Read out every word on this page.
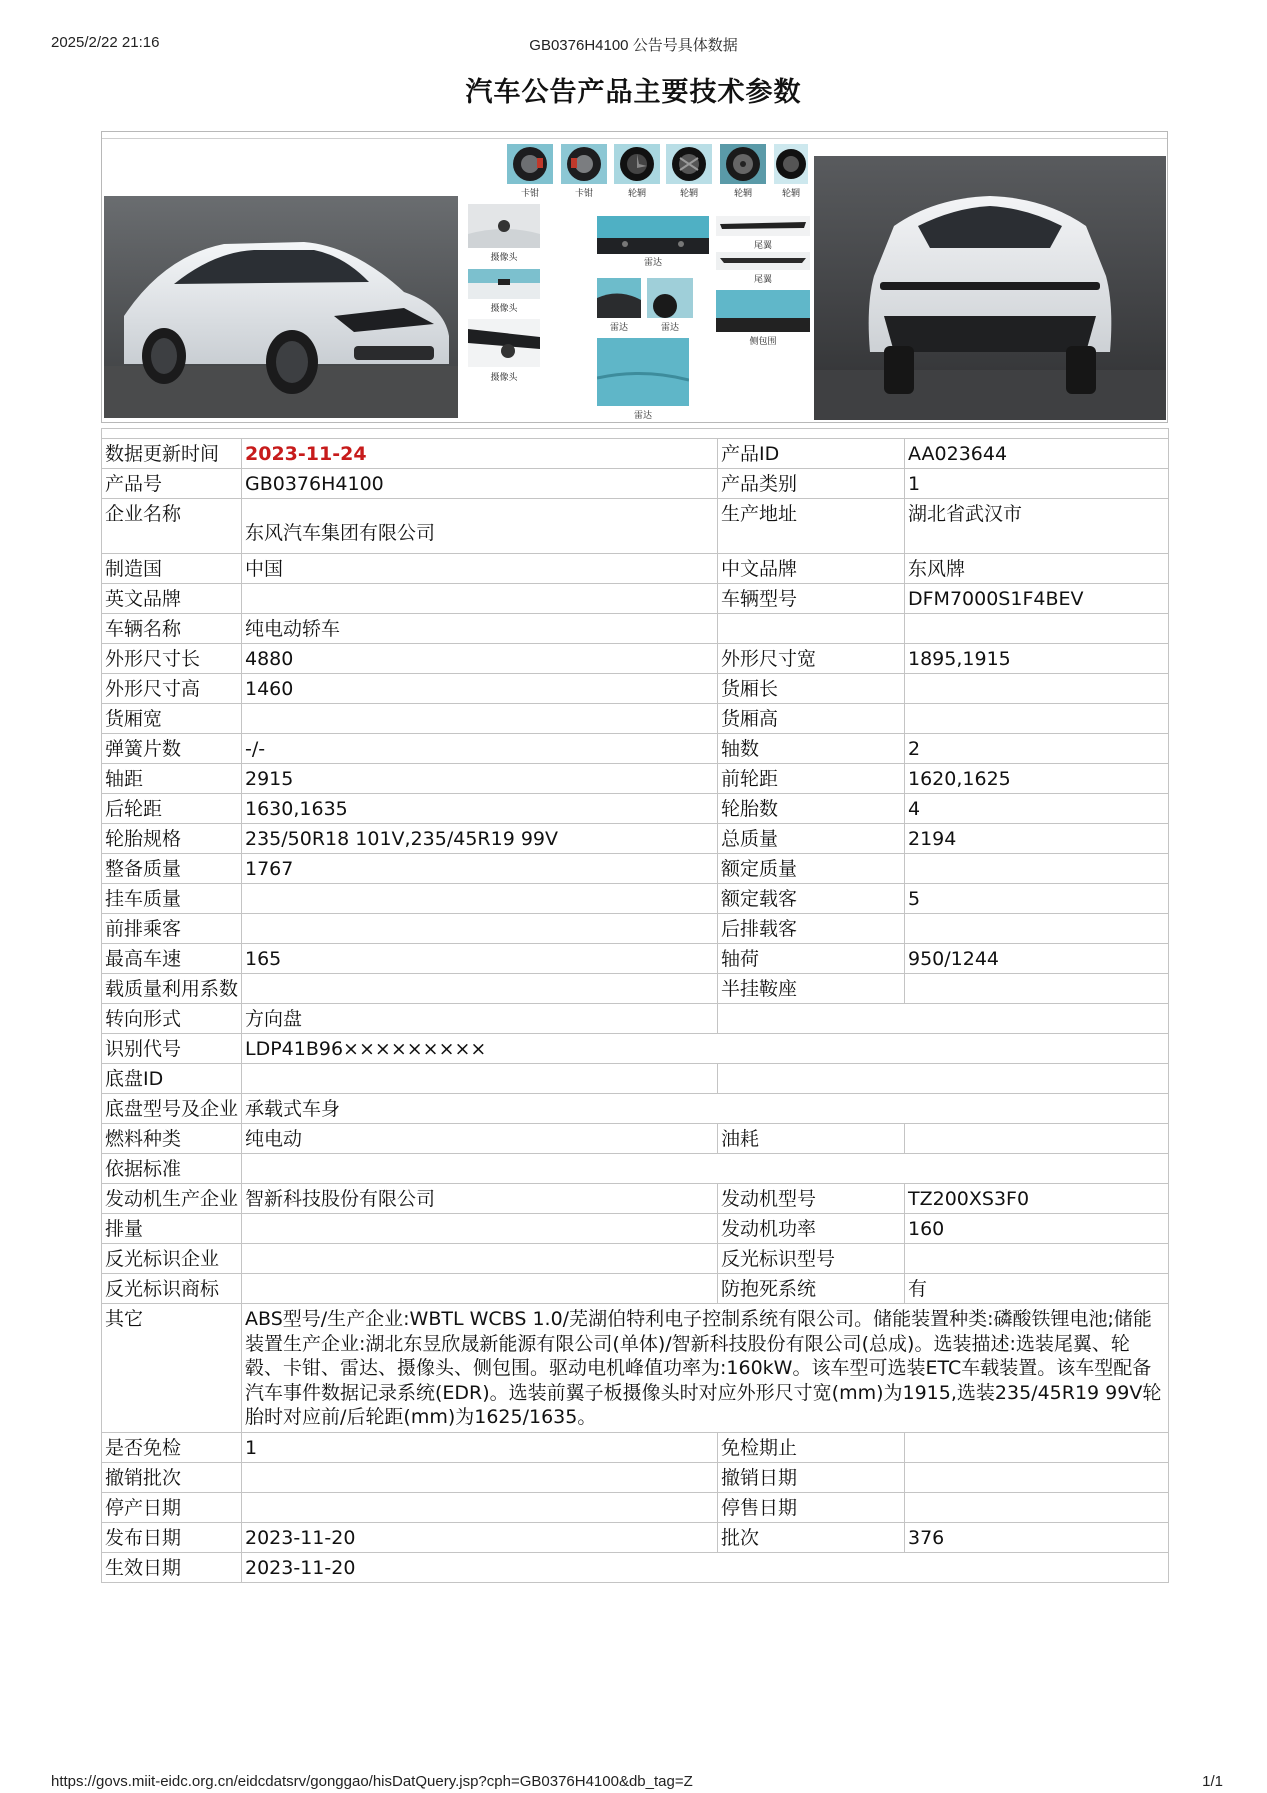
2025/2/22 21:16	GB0376H4100 公告号具体数据
汽车公告产品主要技术参数
卡钳	卡钳	轮辋	轮辋	轮辋	轮辋
摄像头
摄像头
摄像头
雷达
雷达	雷达
雷达
尾翼
尾翼
侧包围

数据更新时间	2023-11-24	产品ID	AA023644
产品号	GB0376H4100	产品类别	1
企业名称	东风汽车集团有限公司	生产地址	湖北省武汉市
制造国	中国	中文品牌	东风牌
英文品牌		车辆型号	DFM7000S1F4BEV
车辆名称	纯电动轿车		
外形尺寸长	4880	外形尺寸宽	1895,1915
外形尺寸高	1460	货厢长	
货厢宽		货厢高	
弹簧片数	-/-	轴数	2
轴距	2915	前轮距	1620,1625
后轮距	1630,1635	轮胎数	4
轮胎规格	235/50R18 101V,235/45R19 99V	总质量	2194
整备质量	1767	额定质量	
挂车质量		额定载客	5
前排乘客		后排载客	
最高车速	165	轴荷	950/1244
载质量利用系数		半挂鞍座	
转向形式	方向盘		
识别代号	LDP41B96×××××××××		
底盘ID			
底盘型号及企业	承载式车身		
燃料种类	纯电动	油耗	
依据标准			
发动机生产企业	智新科技股份有限公司	发动机型号	TZ200XS3F0
排量		发动机功率	160
反光标识企业		反光标识型号	
反光标识商标		防抱死系统	有
其它	ABS型号/生产企业:WBTL WCBS 1.0/芜湖伯特利电子控制系统有限公司。储能装置种类:磷酸铁锂电池;储能装置生产企业:湖北东昱欣晟新能源有限公司(单体)/智新科技股份有限公司(总成)。选装描述:选装尾翼、轮毂、卡钳、雷达、摄像头、侧包围。驱动电机峰值功率为:160kW。该车型可选装ETC车载装置。该车型配备汽车事件数据记录系统(EDR)。选装前翼子板摄像头时对应外形尺寸宽(mm)为1915,选装235/45R19 99V轮胎时对应前/后轮距(mm)为1625/1635。		
是否免检	1	免检期止	
撤销批次		撤销日期	
停产日期		停售日期	
发布日期	2023-11-20	批次	376
生效日期	2023-11-20		
https://govs.miit-eidc.org.cn/eidcdatsrv/gonggao/hisDatQuery.jsp?cph=GB0376H4100&db_tag=Z	1/1
